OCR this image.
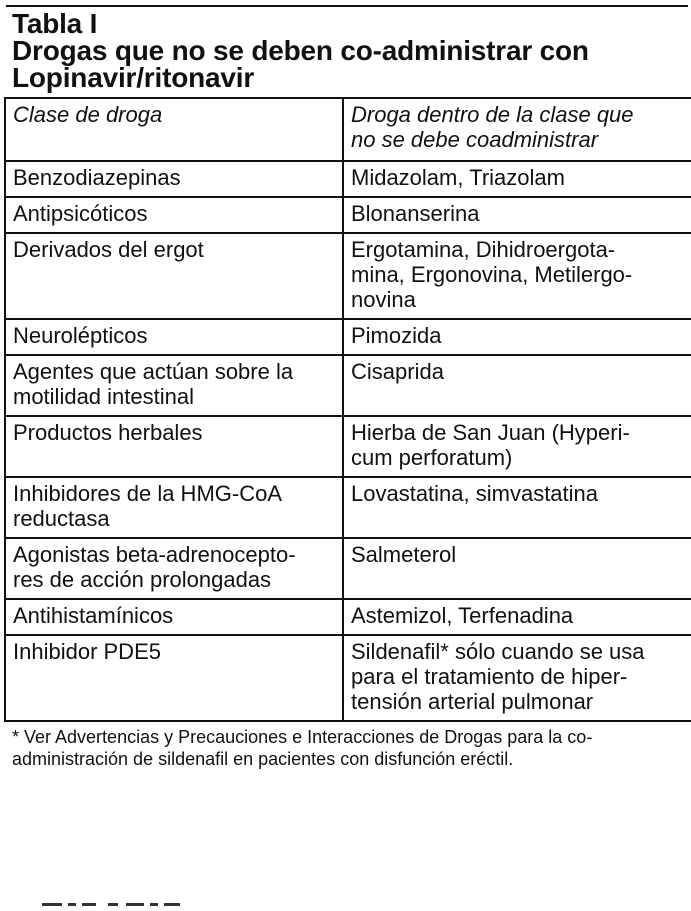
Tabla I
Drogas que no se deben co-administrar con
Lopinavir/ritonavir
Clase de droga	Droga dentro de la clase que
no se debe coadministrar

Benzodiazepinas	Midazolam, Triazolam

Antipsicóticos	Blonanserina

Derivados del ergot	Ergotamina, Dihidroergota-
mina, Ergonovina, Metilergo-
novina

Neurolépticos	Pimozida

Agentes que actúan sobre la
motilidad intestinal	Cisaprida

Productos herbales	Hierba de San Juan (Hyperi-
cum perforatum)

Inhibidores de la HMG-CoA
reductasa	Lovastatina, simvastatina

Agonistas beta-adrenocepto-
res de acción prolongadas	Salmeterol

Antihistamínicos	Astemizol, Terfenadina

Inhibidor PDE5	Sildenafil* sólo cuando se usa
para el tratamiento de hiper-
tensión arterial pulmonar
* Ver Advertencias y Precauciones e Interacciones de Drogas para la co-
administración de sildenafil en pacientes con disfunción eréctil.
